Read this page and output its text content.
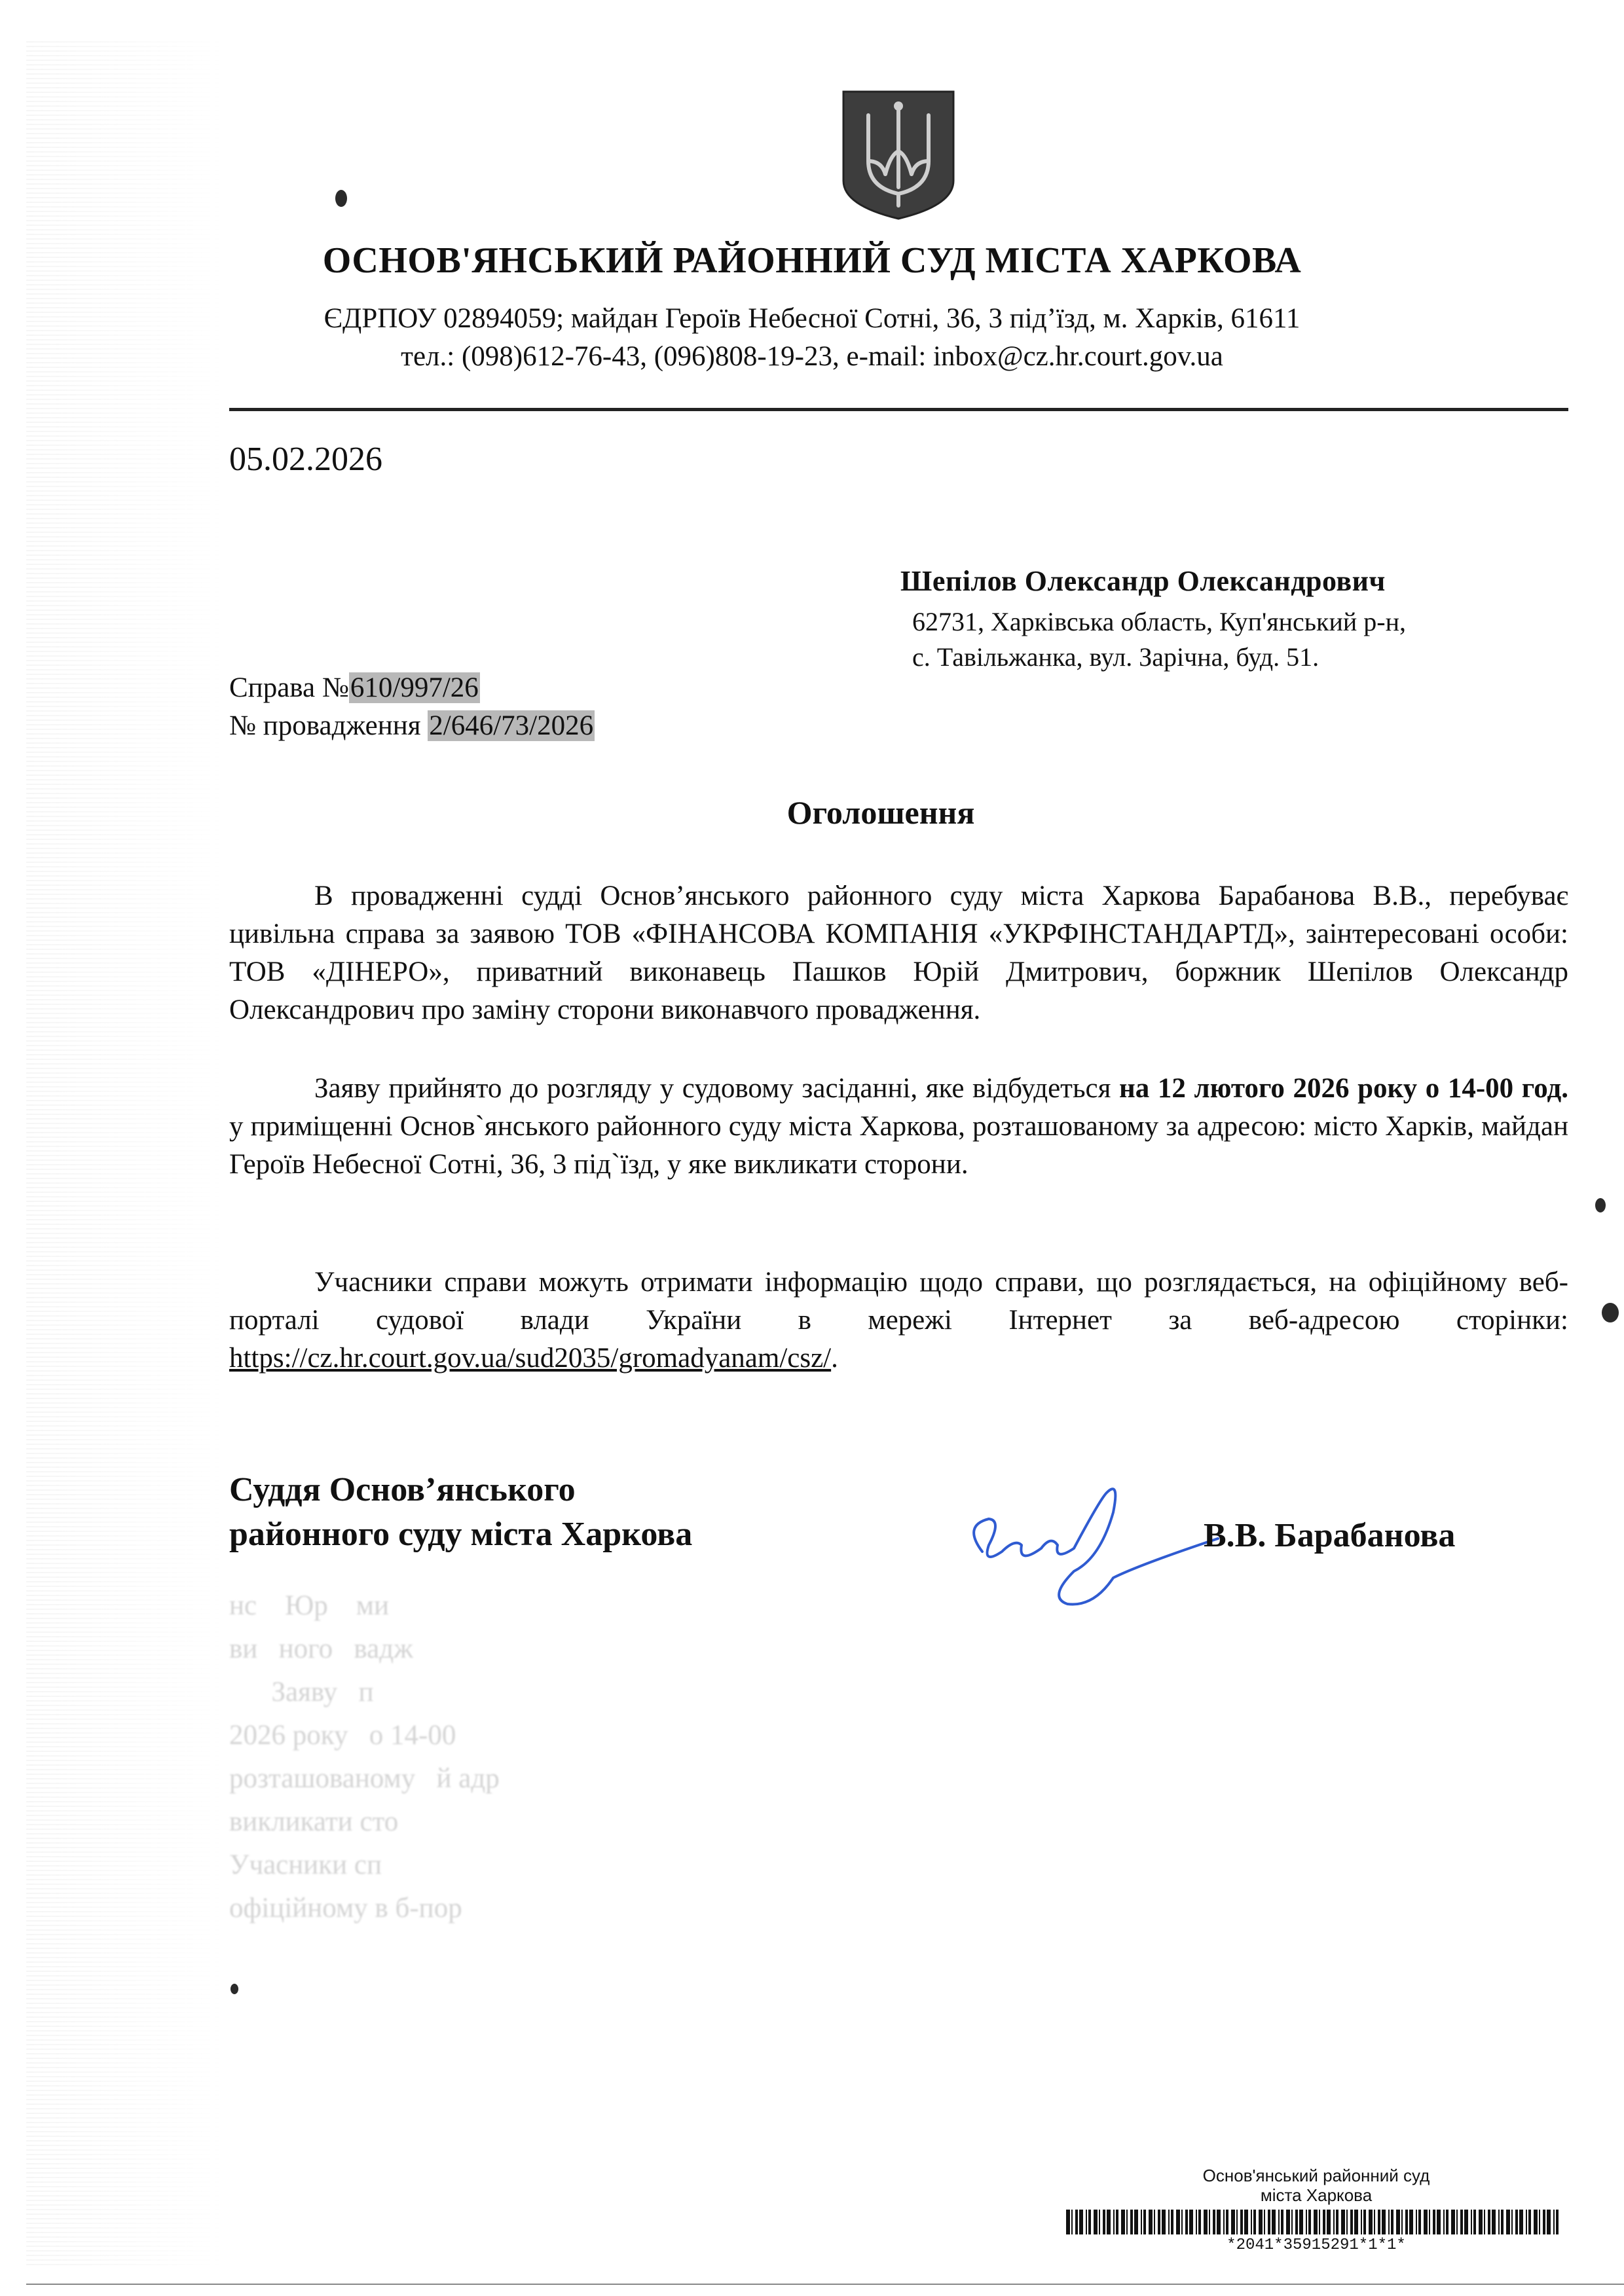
ОСНОВ'ЯНСЬКИЙ РАЙОННИЙ СУД МІСТА ХАРКОВА
ЄДРПОУ 02894059; майдан Героїв Небесної Сотні, 36, 3 під’їзд, м. Харків, 61611
тел.: (098)612-76-43, (096)808-19-23, e-mail: inbox@cz.hr.court.gov.ua
05.02.2026
Шепілов Олександр Олександрович
62731, Харківська область, Куп'янський р-н,
с. Тавільжанка, вул. Зарічна, буд. 51.
Справа №610/997/26
№ провадження 2/646/73/2026
Оголошення

В провадженні судді Основ’янського районного суду міста Харкова Барабанова В.В., перебуває цивільна справа за заявою ТОВ «ФІНАНСОВА КОМПАНІЯ «УКРФІНСТАНДАРТД», заінтересовані особи: ТОВ «ДІНЕРО», приватний виконавець Пашков Юрій Дмитрович, боржник Шепілов Олександр Олександрович про заміну сторони виконавчого провадження.

Заяву прийнято до розгляду у судовому засіданні, яке відбудеться на 12 лютого 2026 року о 14-00 год. у приміщенні Основ`янського районного суду міста Харкова, розташованому за адресою: місто Харків, майдан Героїв Небесної Сотні, 36, 3 під`їзд, у яке викликати сторони.

Учасники справи можуть отримати інформацію щодо справи, що розглядається, на офіційному веб-порталі судової влади України в мережі Інтернет за веб-адресою сторінки: https://cz.hr.court.gov.ua/sud2035/gromadyanam/csz/.

Суддя Основ’янського
районного суду міста Харкова	В.В. Барабанова
нс    Юр    ми
ви   ного   вадж
Заяву   п
2026 року   о 14-00
розташованому   й адр
викликати сто
Учасники сп
офіційному в б-пор
Основ'янський районний суд
міста Харкова
*2041*35915291*1*1*
